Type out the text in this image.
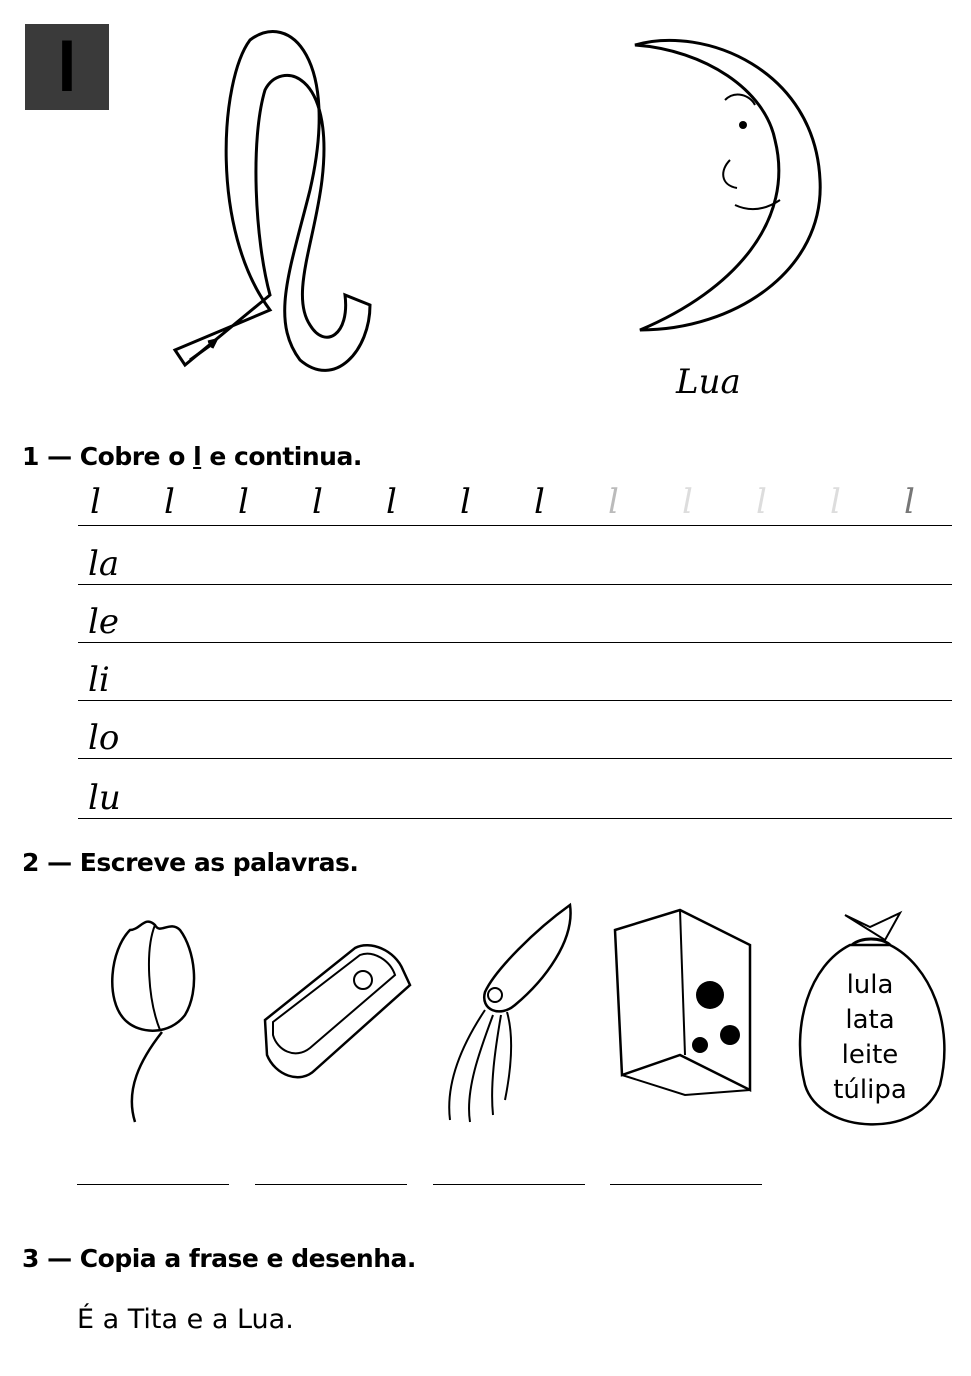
l
Lua
1 — Cobre o l e continua.
l l l l l l l l l l l l
la
le
li
lo
lu
2 — Escreve as palavras.
lula
lata
leite
túlipa
3 — Copia a frase e desenha.
É a Tita e a Lua.
